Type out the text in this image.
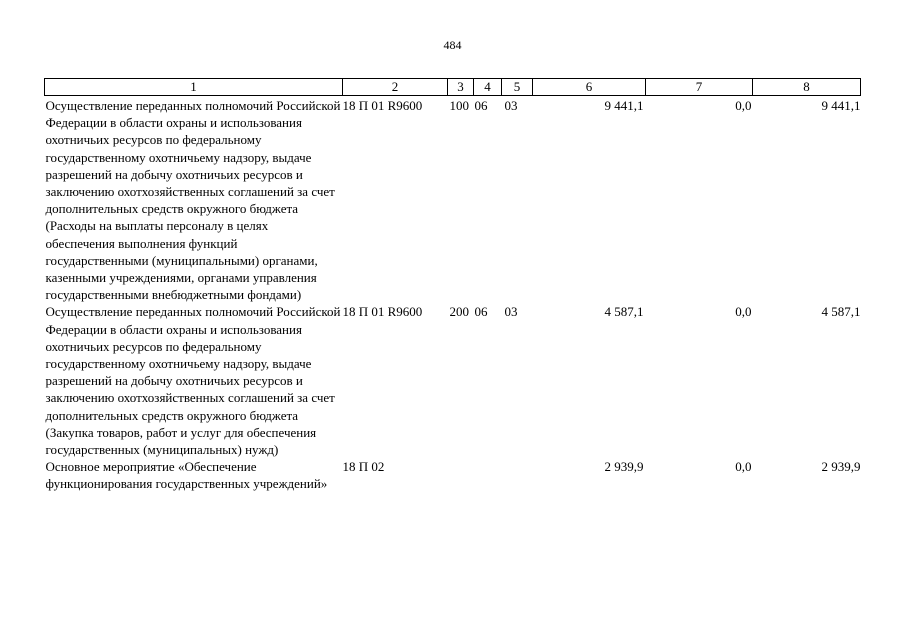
484
1	2	3	4	5	6	7	8
Осуществление переданных полномочий Российской Федерации в области охраны и использования охотничьих ресурсов по федеральному государственному охотничьему надзору, выдаче разрешений на добычу охотничьих ресурсов и заключению охотхозяйственных соглашений за счет дополнительных средств окружного бюджета (Расходы на выплаты персоналу в целях обеспечения выполнения функций государственными (муниципальными) органами, казенными учреждениями, органами управления государственными внебюджетными фондами)	18 П 01 R9600	100	06	03	9 441,1	0,0	9 441,1
Осуществление переданных полномочий Российской Федерации в области охраны и использования охотничьих ресурсов по федеральному государственному охотничьему надзору, выдаче разрешений на добычу охотничьих ресурсов и заключению охотхозяйственных соглашений за счет дополнительных средств окружного бюджета (Закупка товаров, работ и услуг для обеспечения государственных (муниципальных) нужд)	18 П 01 R9600	200	06	03	4 587,1	0,0	4 587,1
Основное мероприятие «Обеспечение функционирования государственных учреждений»	18 П 02				2 939,9	0,0	2 939,9
